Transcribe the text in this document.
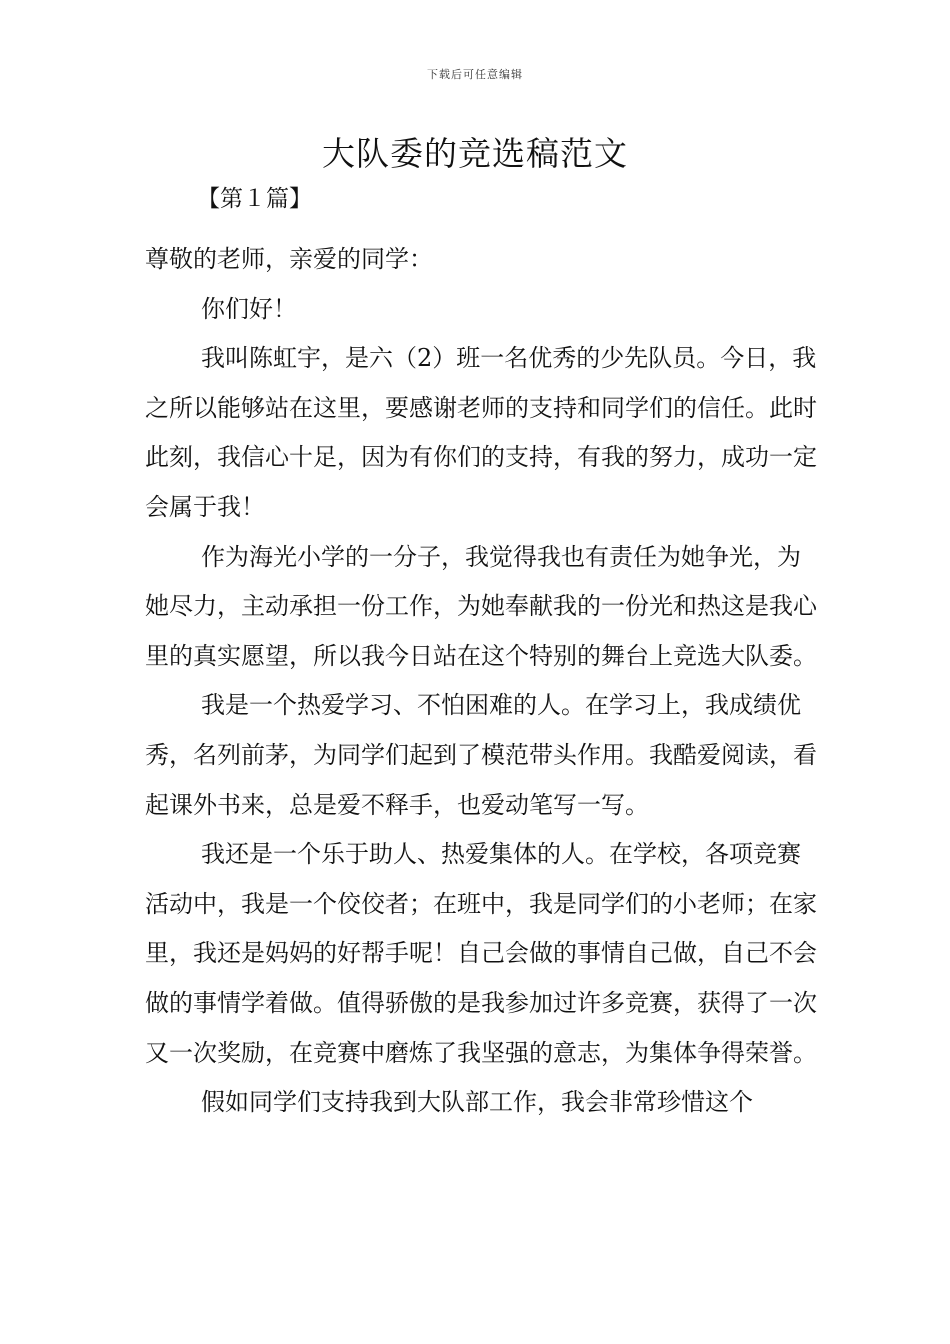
下载后可任意编辑
大队委的竞选稿范文
【第１篇】

尊敬的老师，亲爱的同学：

你们好！

我叫陈虹宇，是六（2）班一名优秀的少先队员。今日，我之所以能够站在这里，要感谢老师的支持和同学们的信任。此时此刻，我信心十足，因为有你们的支持，有我的努力，成功一定会属于我！

作为海光小学的一分子，我觉得我也有责任为她争光，为她尽力，主动承担一份工作，为她奉献我的一份光和热这是我心里的真实愿望，所以我今日站在这个特别的舞台上竞选大队委。

我是一个热爱学习、不怕困难的人。在学习上，我成绩优秀，名列前茅，为同学们起到了模范带头作用。我酷爱阅读，看起课外书来，总是爱不释手，也爱动笔写一写。

我还是一个乐于助人、热爱集体的人。在学校，各项竞赛活动中，我是一个佼佼者；在班中，我是同学们的小老师；在家里，我还是妈妈的好帮手呢！自己会做的事情自己做，自己不会做的事情学着做。值得骄傲的是我参加过许多竞赛，获得了一次又一次奖励，在竞赛中磨炼了我坚强的意志，为集体争得荣誉。

假如同学们支持我到大队部工作，我会非常珍惜这个
